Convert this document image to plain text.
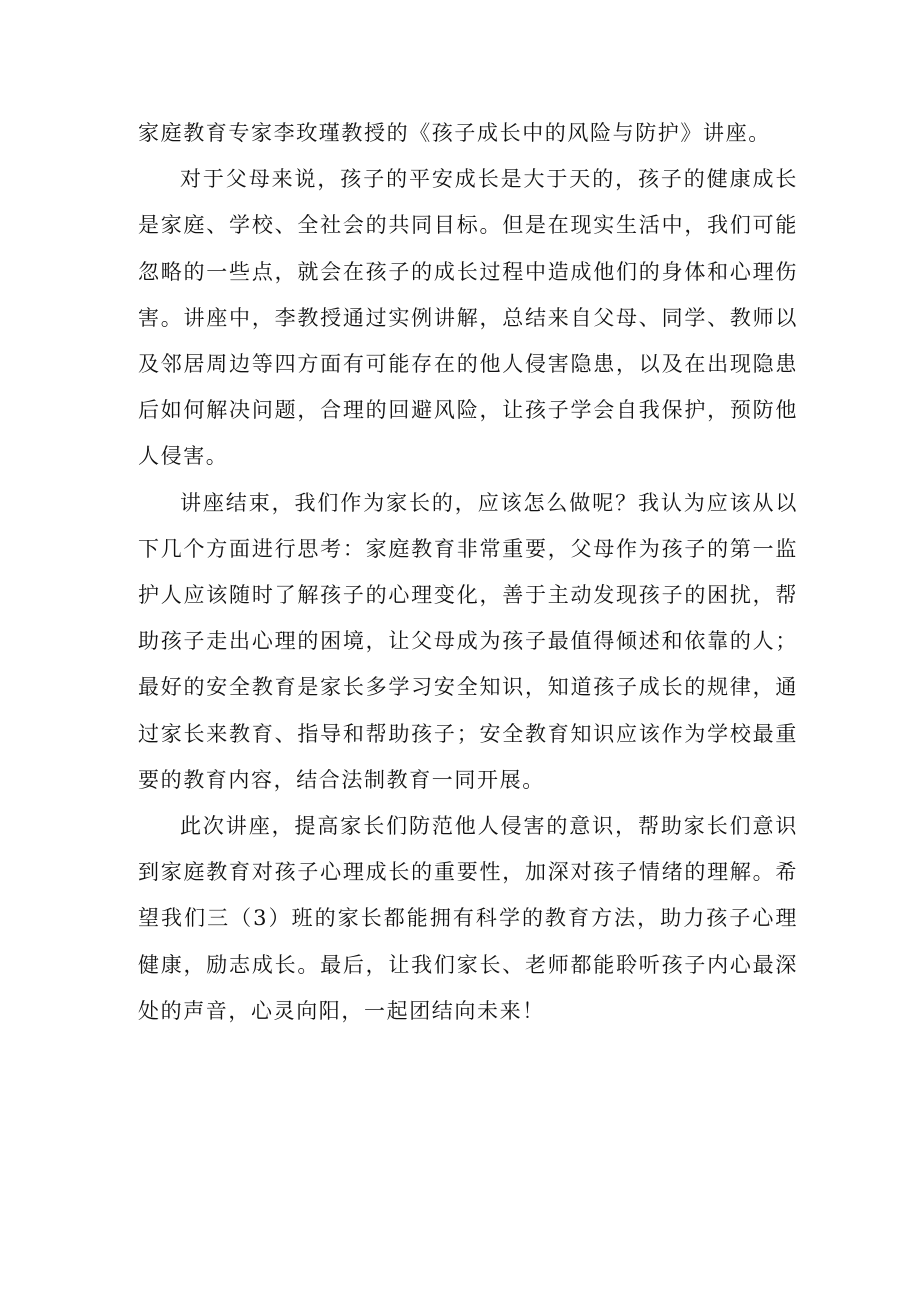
家庭教育专家李玫瑾教授的《孩子成长中的风险与防护》讲座。

对于父母来说，孩子的平安成长是大于天的，孩子的健康成长是家庭、学校、全社会的共同目标。但是在现实生活中，我们可能忽略的一些点，就会在孩子的成长过程中造成他们的身体和心理伤害。讲座中，李教授通过实例讲解，总结来自父母、同学、教师以及邻居周边等四方面有可能存在的他人侵害隐患，以及在出现隐患后如何解决问题，合理的回避风险，让孩子学会自我保护，预防他人侵害。

讲座结束，我们作为家长的，应该怎么做呢？我认为应该从以下几个方面进行思考：家庭教育非常重要，父母作为孩子的第一监护人应该随时了解孩子的心理变化，善于主动发现孩子的困扰，帮助孩子走出心理的困境，让父母成为孩子最值得倾述和依靠的人；最好的安全教育是家长多学习安全知识，知道孩子成长的规律，通过家长来教育、指导和帮助孩子；安全教育知识应该作为学校最重要的教育内容，结合法制教育一同开展。

此次讲座，提高家长们防范他人侵害的意识，帮助家长们意识到家庭教育对孩子心理成长的重要性，加深对孩子情绪的理解。希望我们三（3）班的家长都能拥有科学的教育方法，助力孩子心理健康，励志成长。最后，让我们家长、老师都能聆听孩子内心最深处的声音，心灵向阳，一起团结向未来！
